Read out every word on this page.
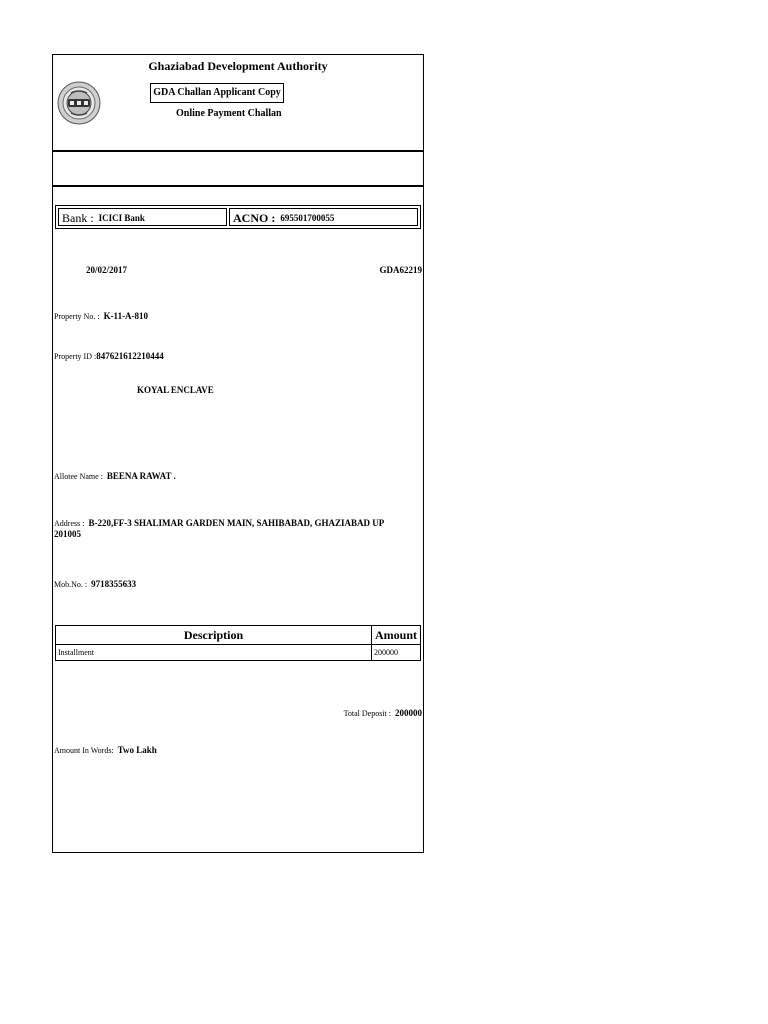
Ghaziabad Development Authority
GDA Challan Applicant Copy
Online Payment Challan
Bank : ICICI Bank	ACNO : 695501700055
20/02/2017	GDA62219
Property No. : K-11-A-810
Property ID :847621612210444
KOYAL ENCLAVE
Allotee Name : BEENA RAWAT .
Address : B-220,FF-3 SHALIMAR GARDEN MAIN, SAHIBABAD, GHAZIABAD UP
201005
Mob.No. : 9718355633
Description	Amount
Installment	200000
Total Deposit : 200000
Amount In Words: Two Lakh
